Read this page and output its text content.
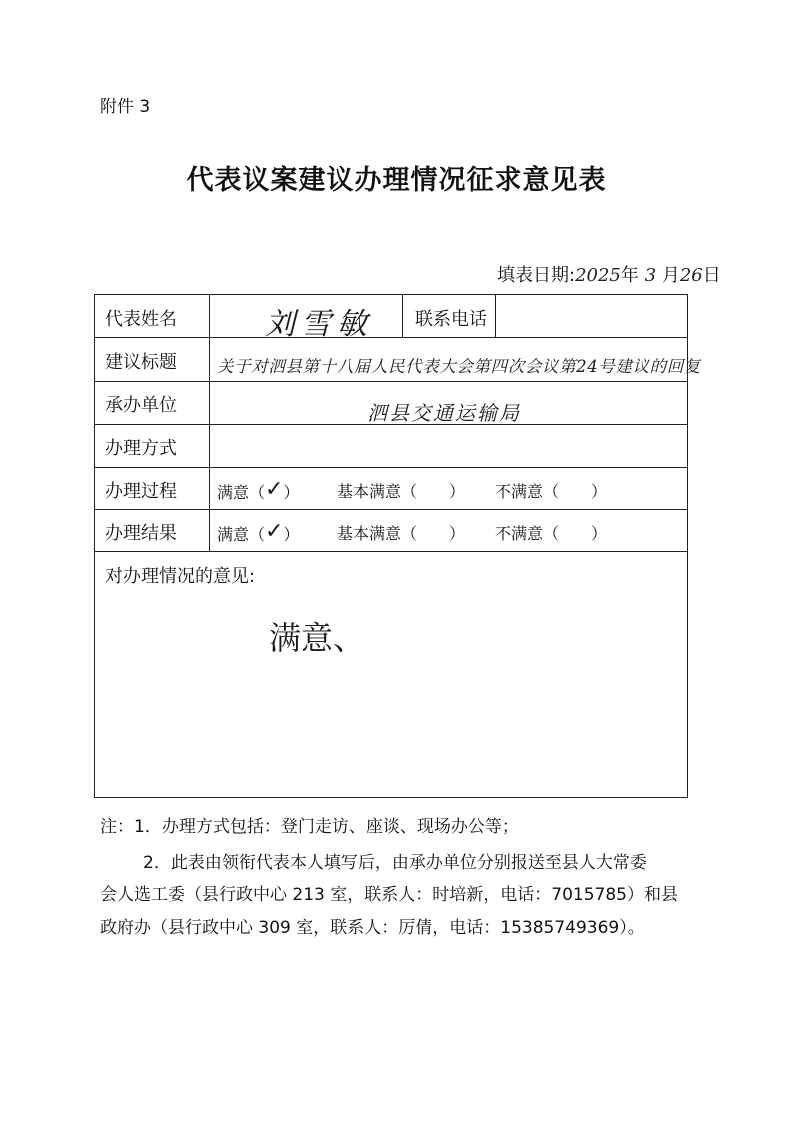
附件 3
代表议案建议办理情况征求意见表
填表日期:2025年 3 月26日
代表姓名	刘雪敏 联系电话
建议标题 关于对泗县第十八届人民代表大会第四次会议第24号建议的回复
承办单位	泗县交通运输局
办理方式
办理过程	满意（✓） 基本满意（　　） 不满意（　　）
办理结果	满意（✓） 基本满意（　　） 不满意（　　）
对办理情况的意见:
满意、
注：1．办理方式包括：登门走访、座谈、现场办公等；
2．此表由领衔代表本人填写后，由承办单位分别报送至县人大常委
会人选工委（县行政中心 213 室，联系人：时培新，电话：7015785）和县
政府办（县行政中心 309 室，联系人：厉倩，电话：15385749369）。
